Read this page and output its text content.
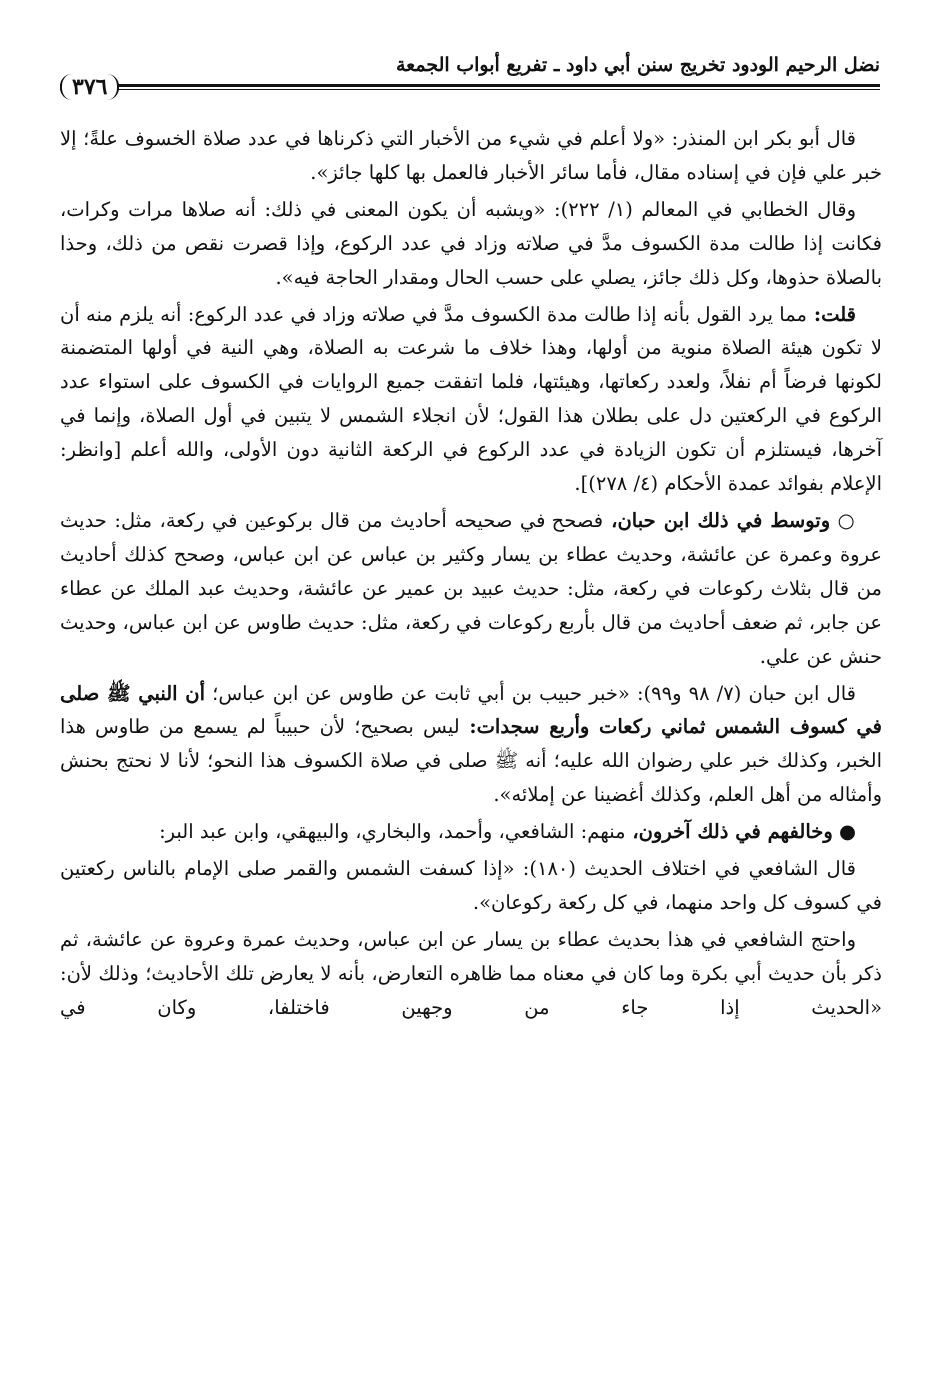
نضل الرحيم الودود تخريج سنن أبي داود ـ تفريع أبواب الجمعة
٣٧٦

قال أبو بكر ابن المنذر: «ولا أعلم في شيء من الأخبار التي ذكرناها في عدد صلاة الخسوف علةً؛ إلا خبر علي فإن في إسناده مقال، فأما سائر الأخبار فالعمل بها كلها جائز».

وقال الخطابي في المعالم (١/ ٢٢٢): «ويشبه أن يكون المعنى في ذلك: أنه صلاها مرات وكرات، فكانت إذا طالت مدة الكسوف مدَّ في صلاته وزاد في عدد الركوع، وإذا قصرت نقص من ذلك، وحذا بالصلاة حذوها، وكل ذلك جائز، يصلي على حسب الحال ومقدار الحاجة فيه».

قلت: مما يرد القول بأنه إذا طالت مدة الكسوف مدَّ في صلاته وزاد في عدد الركوع: أنه يلزم منه أن لا تكون هيئة الصلاة منوية من أولها، وهذا خلاف ما شرعت به الصلاة، وهي النية في أولها المتضمنة لكونها فرضاً أم نفلاً، ولعدد ركعاتها، وهيئتها، فلما اتفقت جميع الروايات في الكسوف على استواء عدد الركوع في الركعتين دل على بطلان هذا القول؛ لأن انجلاء الشمس لا يتبين في أول الصلاة، وإنما في آخرها، فيستلزم أن تكون الزيادة في عدد الركوع في الركعة الثانية دون الأولى، والله أعلم [وانظر: الإعلام بفوائد عمدة الأحكام (٤/ ٢٧٨)].

○ وتوسط في ذلك ابن حبان، فصحح في صحيحه أحاديث من قال بركوعين في ركعة، مثل: حديث عروة وعمرة عن عائشة، وحديث عطاء بن يسار وكثير بن عباس عن ابن عباس، وصحح كذلك أحاديث من قال بثلاث ركوعات في ركعة، مثل: حديث عبيد بن عمير عن عائشة، وحديث عبد الملك عن عطاء عن جابر، ثم ضعف أحاديث من قال بأربع ركوعات في ركعة، مثل: حديث طاوس عن ابن عباس، وحديث حنش عن علي.

قال ابن حبان (٧/ ٩٨ و٩٩): «خبر حبيب بن أبي ثابت عن طاوس عن ابن عباس؛ أن النبي ﷺ صلى في كسوف الشمس ثماني ركعات وأربع سجدات: ليس بصحيح؛ لأن حبيباً لم يسمع من طاوس هذا الخبر، وكذلك خبر علي رضوان الله عليه؛ أنه ﷺ صلى في صلاة الكسوف هذا النحو؛ لأنا لا نحتج بحنش وأمثاله من أهل العلم، وكذلك أغضينا عن إملائه».

● وخالفهم في ذلك آخرون، منهم: الشافعي، وأحمد، والبخاري، والبيهقي، وابن عبد البر:

قال الشافعي في اختلاف الحديث (١٨٠): «إذا كسفت الشمس والقمر صلى الإمام بالناس ركعتين في كسوف كل واحد منهما، في كل ركعة ركوعان».

واحتج الشافعي في هذا بحديث عطاء بن يسار عن ابن عباس، وحديث عمرة وعروة عن عائشة، ثم ذكر بأن حديث أبي بكرة وما كان في معناه مما ظاهره التعارض، بأنه لا يعارض تلك الأحاديث؛ وذلك لأن: «الحديث إذا جاء من وجهين فاختلفا، وكان في
